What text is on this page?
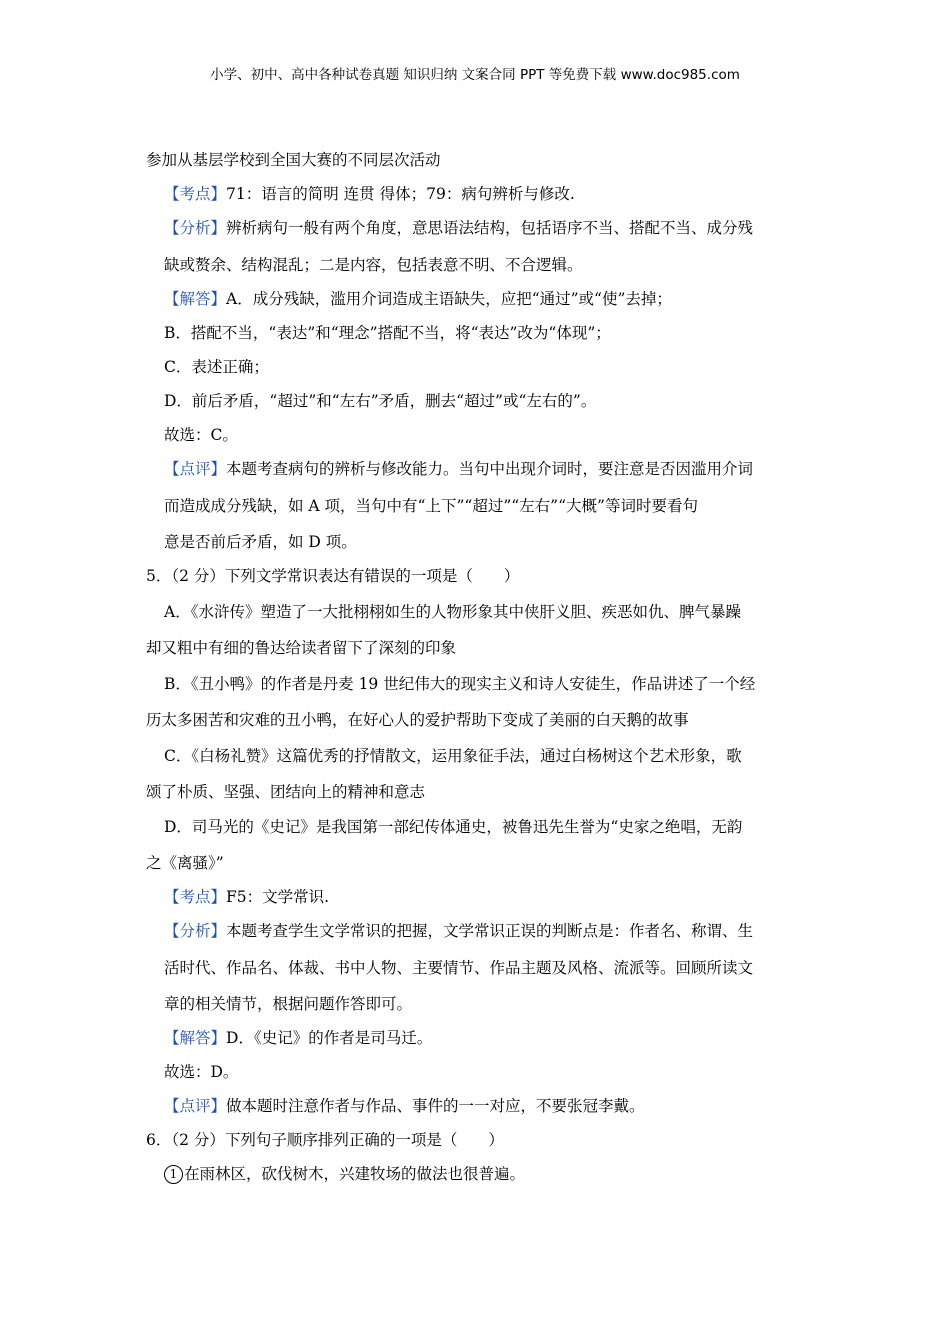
小学、初中、高中各种试卷真题 知识归纳 文案合同 PPT 等免费下载 www.doc985.com
参加从基层学校到全国大赛的不同层次活动
【考点】71：语言的简明 连贯 得体；79：病句辨析与修改.
【分析】辨析病句一般有两个角度，意思语法结构，包括语序不当、搭配不当、成分残
缺或赘余、结构混乱；二是内容，包括表意不明、不合逻辑。
【解答】A．成分残缺，滥用介词造成主语缺失，应把“通过”或“使”去掉；
B．搭配不当，“表达”和“理念”搭配不当，将“表达”改为“体现”；
C．表述正确；
D．前后矛盾，“超过”和“左右”矛盾，删去“超过”或“左右的”。
故选：C。
【点评】本题考查病句的辨析与修改能力。当句中出现介词时，要注意是否因滥用介词
而造成成分残缺，如 A 项，当句中有“上下”“超过”“左右”“大概”等词时要看句
意是否前后矛盾，如 D 项。
5．（2 分）下列文学常识表达有错误的一项是（　　）
A．《水浒传》塑造了一大批栩栩如生的人物形象其中侠肝义胆、疾恶如仇、脾气暴躁
却又粗中有细的鲁达给读者留下了深刻的印象
B．《丑小鸭》的作者是丹麦 19 世纪伟大的现实主义和诗人安徒生，作品讲述了一个经
历太多困苦和灾难的丑小鸭，在好心人的爱护帮助下变成了美丽的白天鹅的故事
C．《白杨礼赞》这篇优秀的抒情散文，运用象征手法，通过白杨树这个艺术形象，歌
颂了朴质、坚强、团结向上的精神和意志
D．司马光的《史记》是我国第一部纪传体通史，被鲁迅先生誉为“史家之绝唱，无韵
之《离骚》”
【考点】F5：文学常识.
【分析】本题考查学生文学常识的把握，文学常识正误的判断点是：作者名、称谓、生
活时代、作品名、体裁、书中人物、主要情节、作品主题及风格、流派等。回顾所读文
章的相关情节，根据问题作答即可。
【解答】D．《史记》的作者是司马迁。
故选：D。
【点评】做本题时注意作者与作品、事件的一一对应，不要张冠李戴。
6．（2 分）下列句子顺序排列正确的一项是（　　）
1 在雨林区，砍伐树木，兴建牧场的做法也很普遍。
